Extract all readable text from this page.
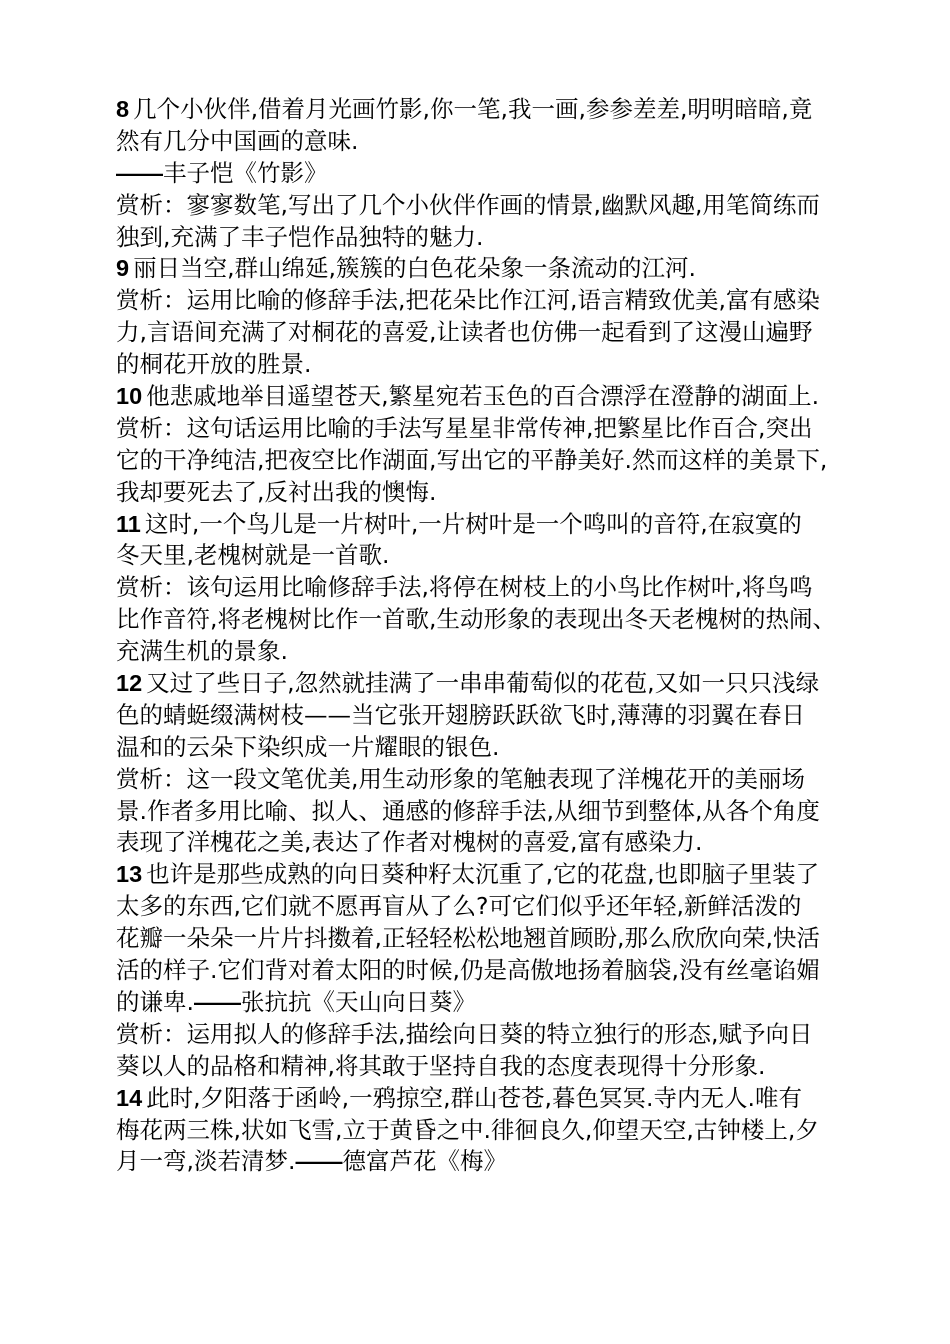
8 几个小伙伴,借着月光画竹影,你一笔,我一画,参参差差,明明暗暗,竟
然有几分中国画的意味.
——丰子恺《竹影》
赏析：寥寥数笔,写出了几个小伙伴作画的情景,幽默风趣,用笔简练而
独到,充满了丰子恺作品独特的魅力.
9 丽日当空,群山绵延,簇簇的白色花朵象一条流动的江河.
赏析：运用比喻的修辞手法,把花朵比作江河,语言精致优美,富有感染
力,言语间充满了对桐花的喜爱,让读者也仿佛一起看到了这漫山遍野
的桐花开放的胜景.
10 他悲戚地举目遥望苍天,繁星宛若玉色的百合漂浮在澄静的湖面上.
赏析：这句话运用比喻的手法写星星非常传神,把繁星比作百合,突出
它的干净纯洁,把夜空比作湖面,写出它的平静美好.然而这样的美景下,
我却要死去了,反衬出我的懊悔.
11 这时,一个鸟儿是一片树叶,一片树叶是一个鸣叫的音符,在寂寞的
冬天里,老槐树就是一首歌.
赏析：该句运用比喻修辞手法,将停在树枝上的小鸟比作树叶,将鸟鸣
比作音符,将老槐树比作一首歌,生动形象的表现出冬天老槐树的热闹、
充满生机的景象.
12 又过了些日子,忽然就挂满了一串串葡萄似的花苞,又如一只只浅绿
色的蜻蜓缀满树枝——当它张开翅膀跃跃欲飞时,薄薄的羽翼在春日
温和的云朵下染织成一片耀眼的银色.
赏析：这一段文笔优美,用生动形象的笔触表现了洋槐花开的美丽场
景.作者多用比喻、拟人、通感的修辞手法,从细节到整体,从各个角度
表现了洋槐花之美,表达了作者对槐树的喜爱,富有感染力.
13 也许是那些成熟的向日葵种籽太沉重了,它的花盘,也即脑子里装了
太多的东西,它们就不愿再盲从了么?可它们似乎还年轻,新鲜活泼的
花瓣一朵朵一片片抖擞着,正轻轻松松地翘首顾盼,那么欣欣向荣,快活
活的样子.它们背对着太阳的时候,仍是高傲地扬着脑袋,没有丝毫谄媚
的谦卑.——张抗抗《天山向日葵》
赏析：运用拟人的修辞手法,描绘向日葵的特立独行的形态,赋予向日
葵以人的品格和精神,将其敢于坚持自我的态度表现得十分形象.
14 此时,夕阳落于函岭,一鸦掠空,群山苍苍,暮色冥冥.寺内无人.唯有
梅花两三株,状如飞雪,立于黄昏之中.徘徊良久,仰望天空,古钟楼上,夕
月一弯,淡若清梦.——德富芦花《梅》
